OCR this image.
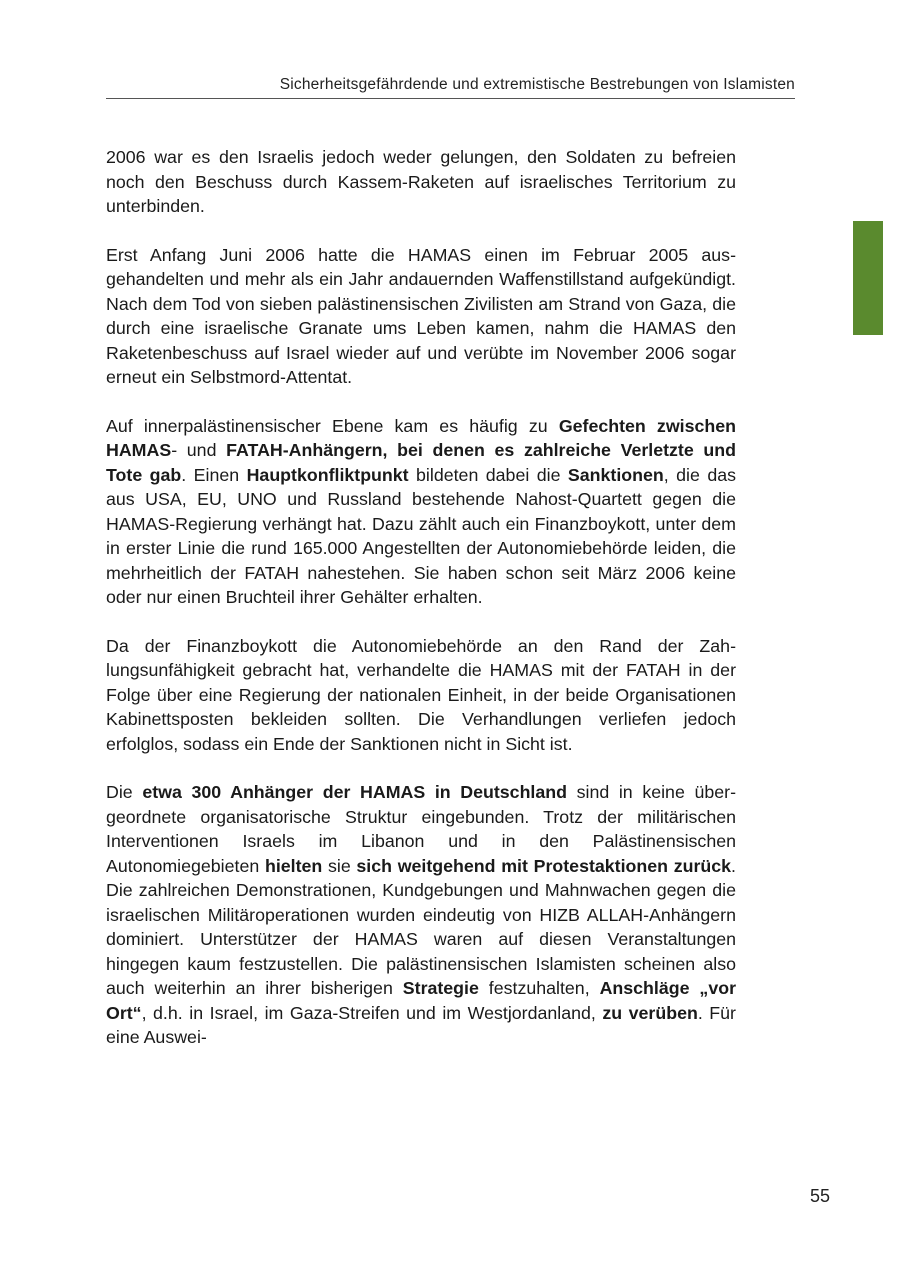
Sicherheitsgefährdende und extremistische Bestrebungen von Islamisten

2006 war es den Israelis jedoch weder gelungen, den Soldaten zu befreien noch den Beschuss durch Kassem-Raketen auf israelisches Territorium zu unterbinden.

Erst Anfang Juni 2006 hatte die HAMAS einen im Februar 2005 ausgehandelten und mehr als ein Jahr andauernden Waffenstillstand aufgekündigt. Nach dem Tod von sieben palästinensischen Zivilisten am Strand von Gaza, die durch eine israelische Granate ums Leben kamen, nahm die HAMAS den Raketenbeschuss auf Israel wieder auf und verübte im November 2006 sogar erneut ein Selbstmord-Attentat.

Auf innerpalästinensischer Ebene kam es häufig zu Gefechten zwischen HAMAS- und FATAH-Anhängern, bei denen es zahlreiche Verletzte und Tote gab. Einen Hauptkonfliktpunkt bildeten dabei die Sanktionen, die das aus USA, EU, UNO und Russland bestehende Nahost-Quartett gegen die HAMAS-Regierung verhängt hat. Dazu zählt auch ein Finanzboykott, unter dem in erster Linie die rund 165.000 Angestellten der Autonomiebehörde leiden, die mehrheitlich der FATAH nahestehen. Sie haben schon seit März 2006 keine oder nur einen Bruchteil ihrer Gehälter erhalten.

Da der Finanzboykott die Autonomiebehörde an den Rand der Zahlungsunfähigkeit gebracht hat, verhandelte die HAMAS mit der FATAH in der Folge über eine Regierung der nationalen Einheit, in der beide Organisationen Kabinettsposten bekleiden sollten. Die Verhandlungen verliefen jedoch erfolglos, sodass ein Ende der Sanktionen nicht in Sicht ist.

Die etwa 300 Anhänger der HAMAS in Deutschland sind in keine übergeordnete organisatorische Struktur eingebunden. Trotz der militärischen Interventionen Israels im Libanon und in den Palästinensischen Autonomiegebieten hielten sie sich weitgehend mit Protestaktionen zurück. Die zahlreichen Demonstrationen, Kundgebungen und Mahnwachen gegen die israelischen Militäroperationen wurden eindeutig von HIZB ALLAH-Anhängern dominiert. Unterstützer der HAMAS waren auf diesen Veranstaltungen hingegen kaum festzustellen. Die palästinensischen Islamisten scheinen also auch weiterhin an ihrer bisherigen Strategie festzuhalten, Anschläge „vor Ort“, d.h. in Israel, im Gaza-Streifen und im Westjordanland, zu verüben. Für eine Auswei-

55
